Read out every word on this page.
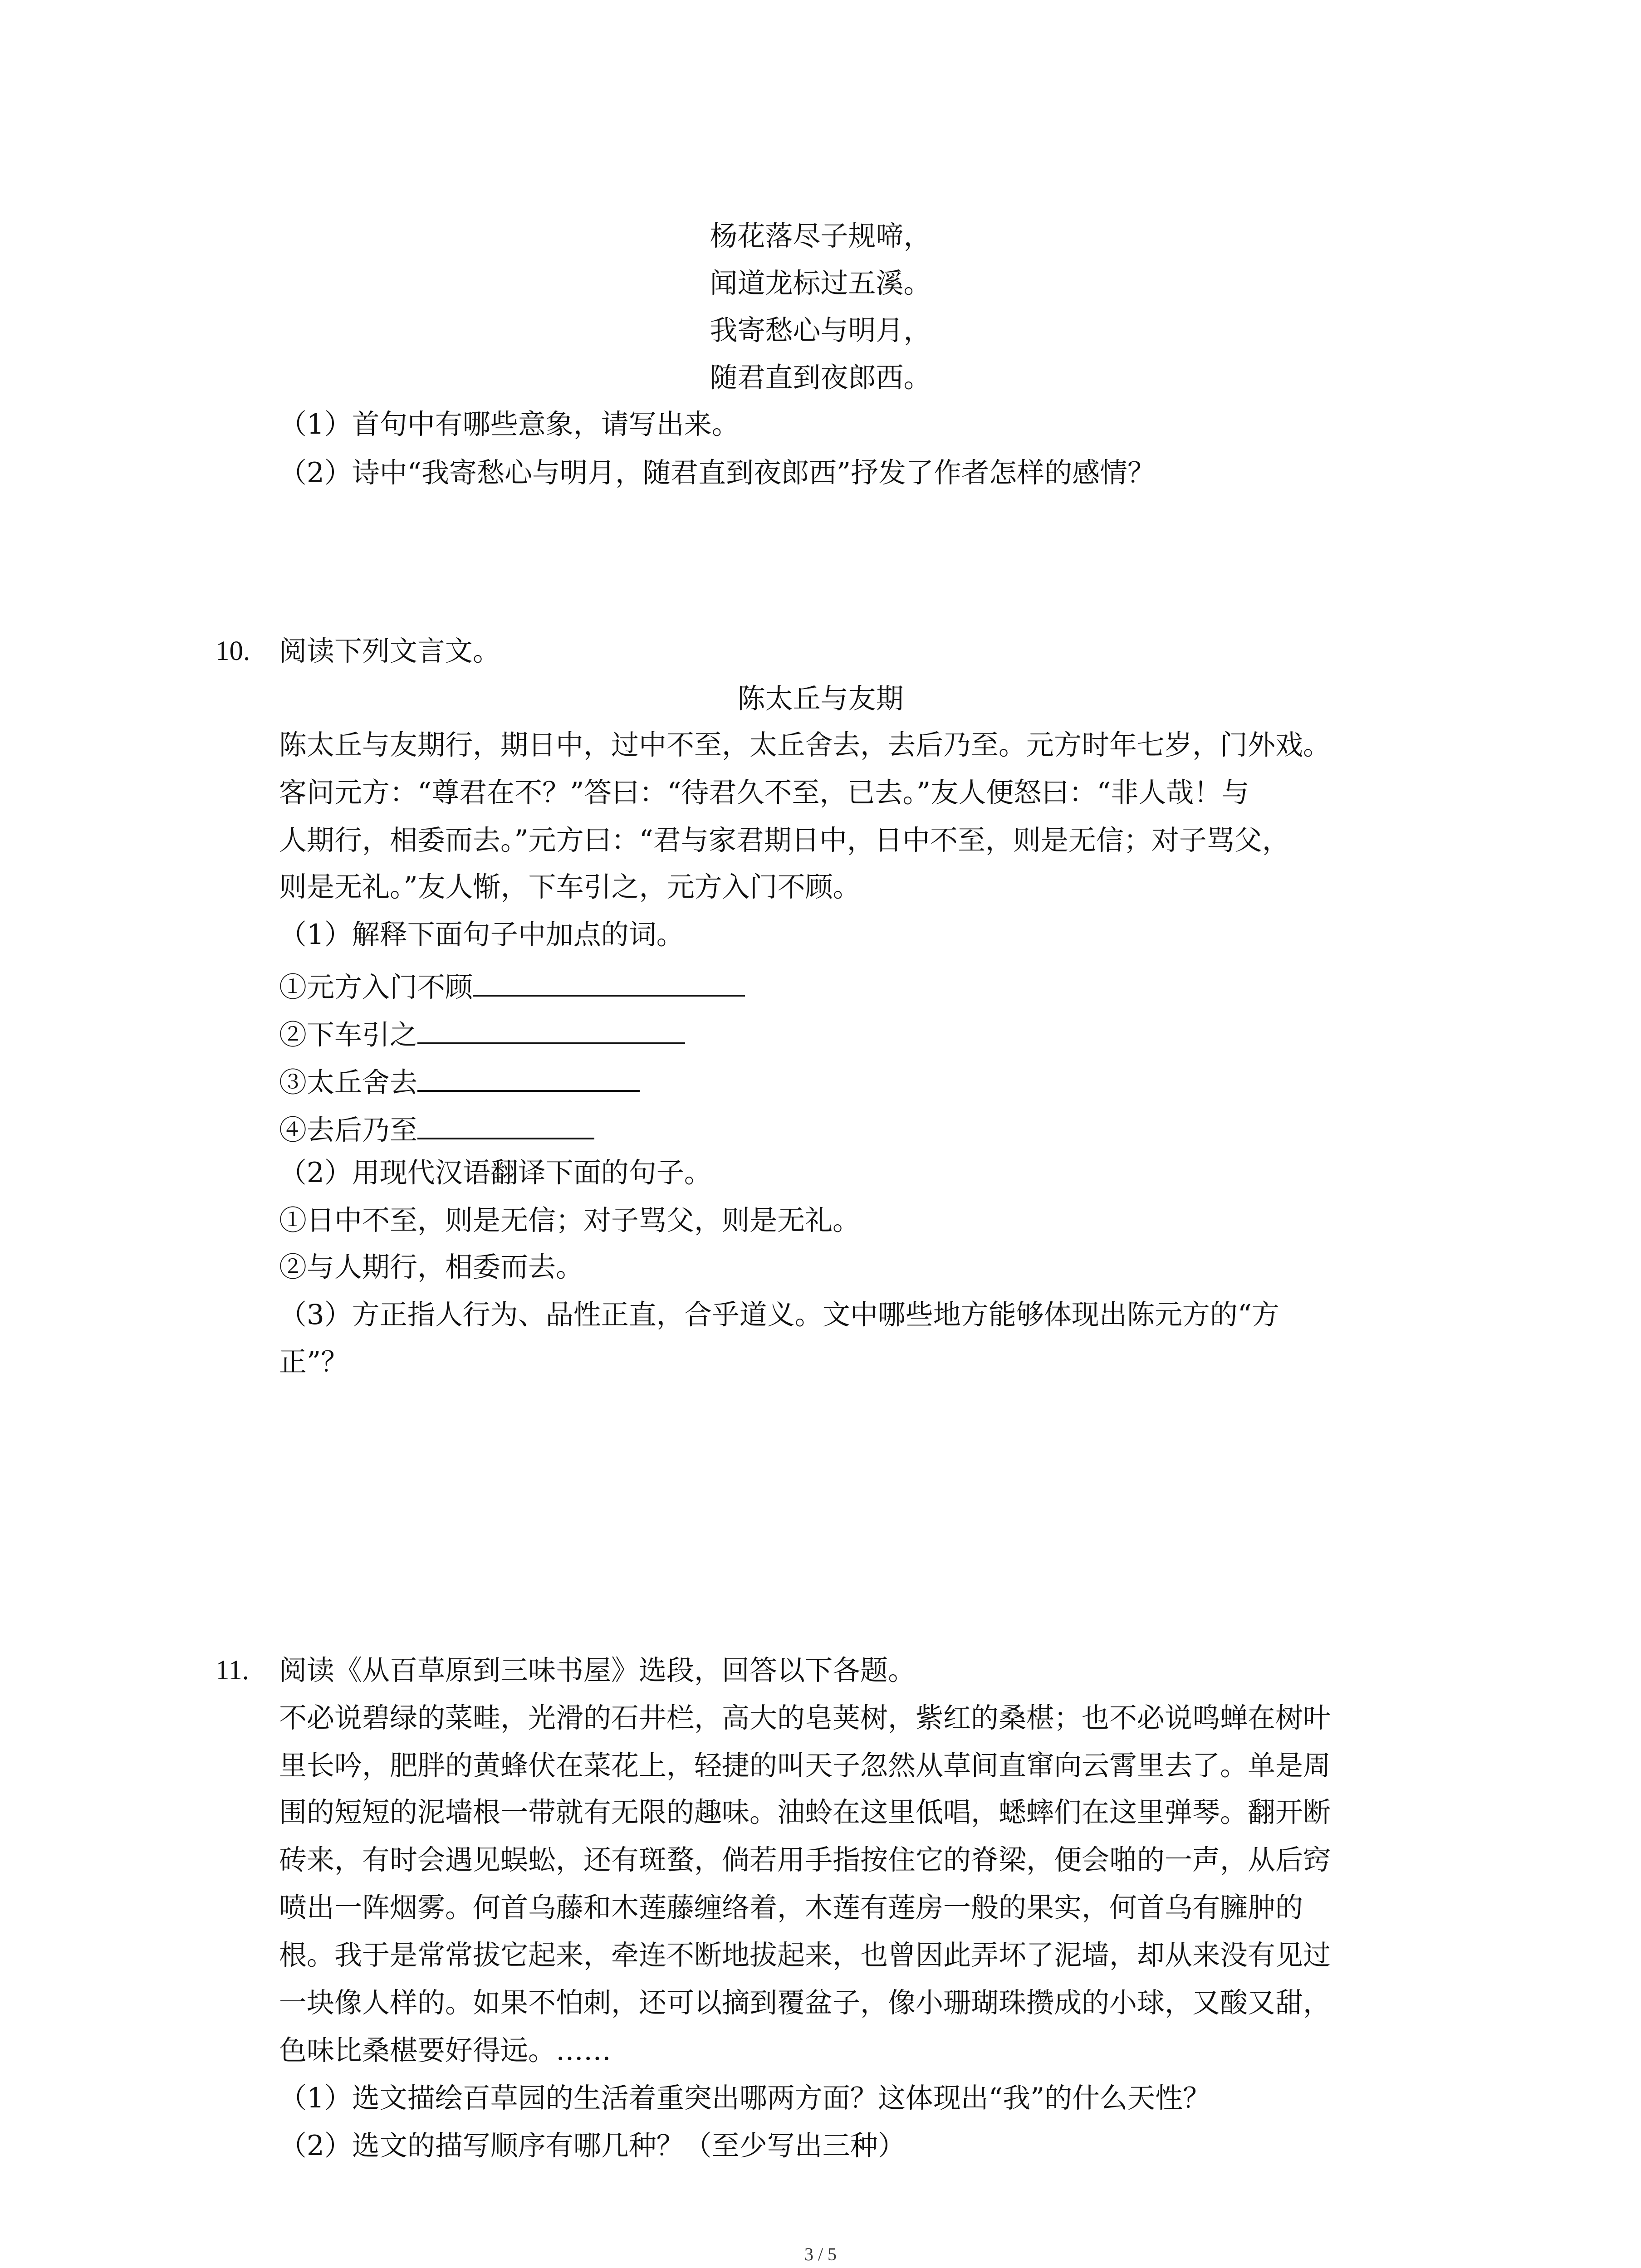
杨花落尽子规啼，
闻道龙标过五溪。
我寄愁心与明月，
随君直到夜郎西。
（1）首句中有哪些意象，请写出来。
（2）诗中“我寄愁心与明月，随君直到夜郎西”抒发了作者怎样的感情？
10. 阅读下列文言文。
陈太丘与友期
陈太丘与友期行，期日中，过中不至，太丘舍去，去后乃至。元方时年七岁，门外戏。
客问元方：“尊君在不？”答曰：“待君久不至，已去。”友人便怒曰：“非人哉！与
人期行，相委而去。”元方曰：“君与家君期日中，日中不至，则是无信；对子骂父，
则是无礼。”友人惭，下车引之，元方入门不顾。
（1）解释下面句子中加点的词。
①元方入门不顾
②下车引之
③太丘舍去
④去后乃至
（2）用现代汉语翻译下面的句子。
①日中不至，则是无信；对子骂父，则是无礼。
②与人期行，相委而去。
（3）方正指人行为、品性正直，合乎道义。文中哪些地方能够体现出陈元方的“方
正”？
11. 阅读《从百草原到三味书屋》选段，回答以下各题。
不必说碧绿的菜畦，光滑的石井栏，高大的皂荚树，紫红的桑椹；也不必说鸣蝉在树叶
里长吟，肥胖的黄蜂伏在菜花上，轻捷的叫天子忽然从草间直窜向云霄里去了。单是周
围的短短的泥墙根一带就有无限的趣味。油蛉在这里低唱，蟋蟀们在这里弹琴。翻开断
砖来，有时会遇见蜈蚣，还有斑蝥，倘若用手指按住它的脊梁，便会啪的一声，从后窍
喷出一阵烟雾。何首乌藤和木莲藤缠络着，木莲有莲房一般的果实，何首乌有臃肿的
根。我于是常常拔它起来，牵连不断地拔起来，也曾因此弄坏了泥墙，却从来没有见过
一块像人样的。如果不怕刺，还可以摘到覆盆子，像小珊瑚珠攒成的小球，又酸又甜，
色味比桑椹要好得远。……
（1）选文描绘百草园的生活着重突出哪两方面？这体现出“我”的什么天性？
（2）选文的描写顺序有哪几种？（至少写出三种）
3 / 5
